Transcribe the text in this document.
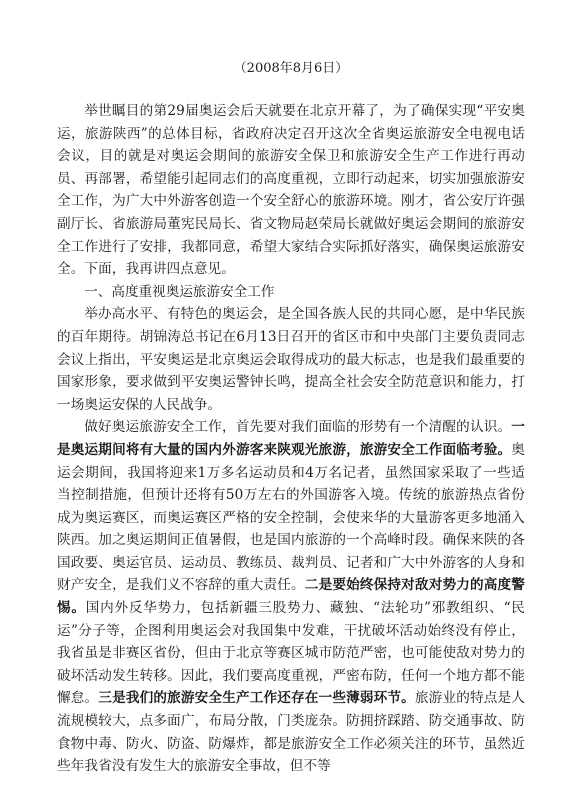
（2008年8月6日）

举世瞩目的第29届奥运会后天就要在北京开幕了，为了确保实现“平安奥运，旅游陕西”的总体目标，省政府决定召开这次全省奥运旅游安全电视电话会议，目的就是对奥运会期间的旅游安全保卫和旅游安全生产工作进行再动员、再部署，希望能引起同志们的高度重视，立即行动起来，切实加强旅游安全工作，为广大中外游客创造一个安全舒心的旅游环境。刚才，省公安厅许强副厅长、省旅游局董宪民局长、省文物局赵荣局长就做好奥运会期间的旅游安全工作进行了安排，我都同意，希望大家结合实际抓好落实，确保奥运旅游安全。下面，我再讲四点意见。

一、高度重视奥运旅游安全工作

举办高水平、有特色的奥运会，是全国各族人民的共同心愿，是中华民族的百年期待。胡锦涛总书记在6月13日召开的省区市和中央部门主要负责同志会议上指出，平安奥运是北京奥运会取得成功的最大标志，也是我们最重要的国家形象，要求做到平安奥运警钟长鸣，提高全社会安全防范意识和能力，打一场奥运安保的人民战争。

做好奥运旅游安全工作，首先要对我们面临的形势有一个清醒的认识。一是奥运期间将有大量的国内外游客来陕观光旅游，旅游安全工作面临考验。奥运会期间，我国将迎来1万多名运动员和4万名记者，虽然国家采取了一些适当控制措施，但预计还将有50万左右的外国游客入境。传统的旅游热点省份成为奥运赛区，而奥运赛区严格的安全控制，会使来华的大量游客更多地涌入陕西。加之奥运期间正值暑假，也是国内旅游的一个高峰时段。确保来陕的各国政要、奥运官员、运动员、教练员、裁判员、记者和广大中外游客的人身和财产安全，是我们义不容辞的重大责任。二是要始终保持对敌对势力的高度警惕。国内外反华势力，包括新疆三股势力、藏独、“法轮功”邪教组织、“民运”分子等，企图利用奥运会对我国集中发难，干扰破坏活动始终没有停止，我省虽是非赛区省份，但由于北京等赛区城市防范严密，也可能使敌对势力的破坏活动发生转移。因此，我们要高度重视，严密布防，任何一个地方都不能懈怠。三是我们的旅游安全生产工作还存在一些薄弱环节。旅游业的特点是人流规模较大，点多面广，布局分散，门类庞杂。防拥挤踩踏、防交通事故、防食物中毒、防火、防盗、防爆炸，都是旅游安全工作必须关注的环节，虽然近些年我省没有发生大的旅游安全事故，但不等
